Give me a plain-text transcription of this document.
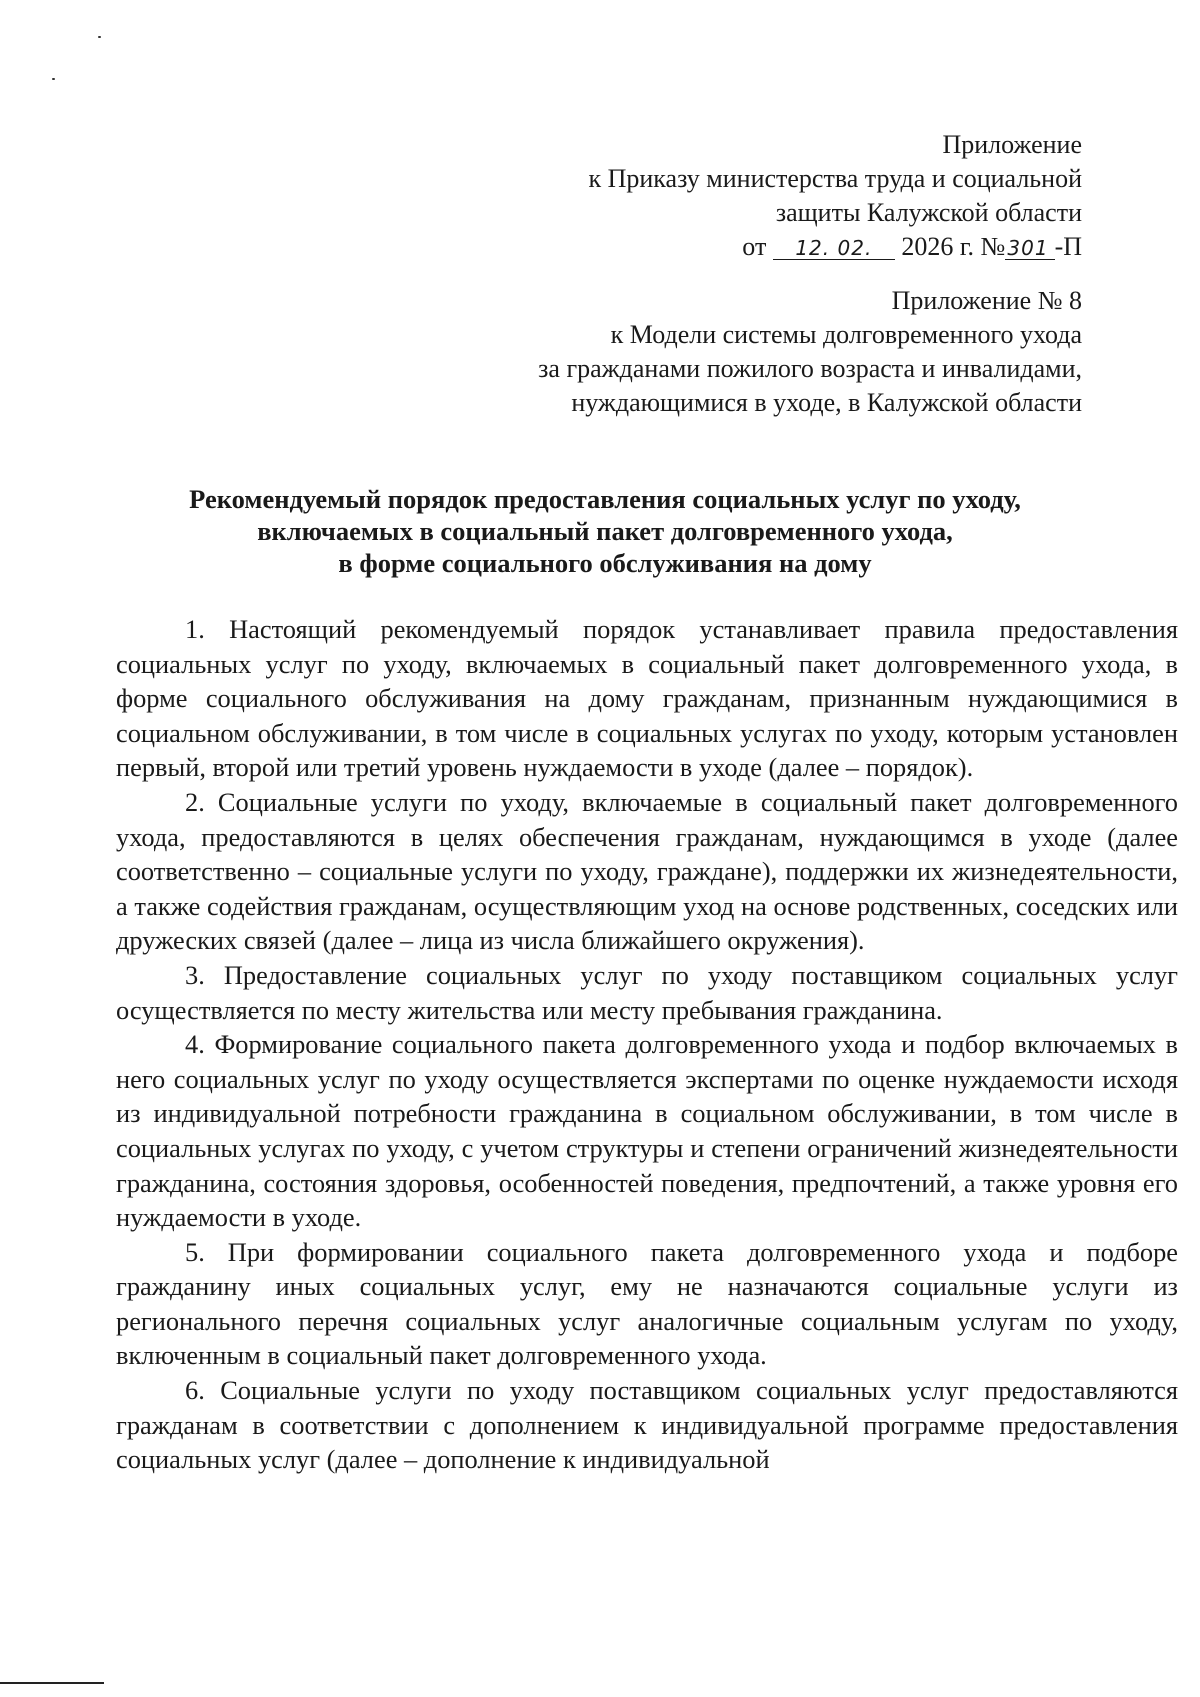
Приложение
к Приказу министерства труда и социальной
защиты Калужской области
от 12. 02. 2026 г. № 301 -П
Приложение № 8
к Модели системы долговременного ухода
за гражданами пожилого возраста и инвалидами,
нуждающимися в уходе, в Калужской области
Рекомендуемый порядок предоставления социальных услуг по уходу,
включаемых в социальный пакет долговременного ухода,
в форме социального обслуживания на дому

1. Настоящий рекомендуемый порядок устанавливает правила предоставления социальных услуг по уходу, включаемых в социальный пакет долговременного ухода, в форме социального обслуживания на дому гражданам, признанным нуждающимися в социальном обслуживании, в том числе в социальных услугах по уходу, которым установлен первый, второй или третий уровень нуждаемости в уходе (далее – порядок).

2. Социальные услуги по уходу, включаемые в социальный пакет долговременного ухода, предоставляются в целях обеспечения гражданам, нуждающимся в уходе (далее соответственно – социальные услуги по уходу, граждане), поддержки их жизнедеятельности, а также содействия гражданам, осуществляющим уход на основе родственных, соседских или дружеских связей (далее – лица из числа ближайшего окружения).

3. Предоставление социальных услуг по уходу поставщиком социальных услуг осуществляется по месту жительства или месту пребывания гражданина.

4. Формирование социального пакета долговременного ухода и подбор включаемых в него социальных услуг по уходу осуществляется экспертами по оценке нуждаемости исходя из индивидуальной потребности гражданина в социальном обслуживании, в том числе в социальных услугах по уходу, с учетом структуры и степени ограничений жизнедеятельности гражданина, состояния здоровья, особенностей поведения, предпочтений, а также уровня его нуждаемости в уходе.

5. При формировании социального пакета долговременного ухода и подборе гражданину иных социальных услуг, ему не назначаются социальные услуги из регионального перечня социальных услуг аналогичные социальным услугам по уходу, включенным в социальный пакет долговременного ухода.

6. Социальные услуги по уходу поставщиком социальных услуг предоставляются гражданам в соответствии с дополнением к индивидуальной программе предоставления социальных услуг (далее – дополнение к индивидуальной
